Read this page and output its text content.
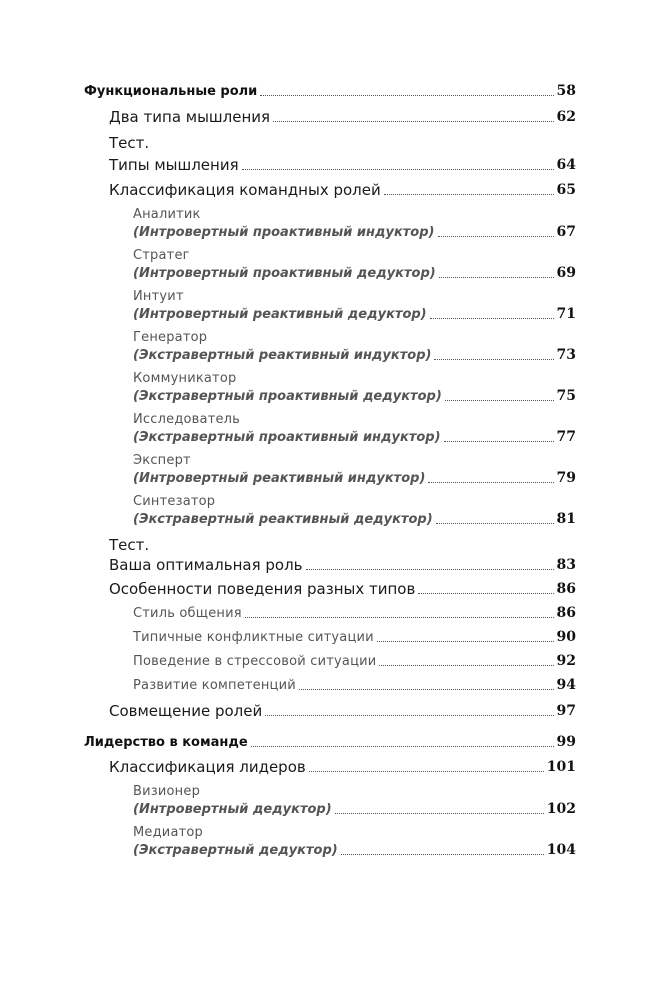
Функциональные роли	58
Два типа мышления	62
Тест.
Типы мышления	64
Классификация командных ролей	65
Аналитик
(Интровертный проактивный индуктор)	67
Стратег
(Интровертный проактивный дедуктор)	69
Интуит
(Интровертный реактивный дедуктор)	71
Генератор
(Экстравертный реактивный индуктор)	73
Коммуникатор
(Экстравертный проактивный дедуктор)	75
Исследователь
(Экстравертный проактивный индуктор)	77
Эксперт
(Интровертный реактивный индуктор)	79
Синтезатор
(Экстравертный реактивный дедуктор)	81
Тест.
Ваша оптимальная роль	83
Особенности поведения разных типов	86
Стиль общения	86
Типичные конфликтные ситуации	90
Поведение в стрессовой ситуации	92
Развитие компетенций	94
Совмещение ролей	97
Лидерство в команде	99
Классификация лидеров	101
Визионер
(Интровертный дедуктор)	102
Медиатор
(Экстравертный дедуктор)	104
